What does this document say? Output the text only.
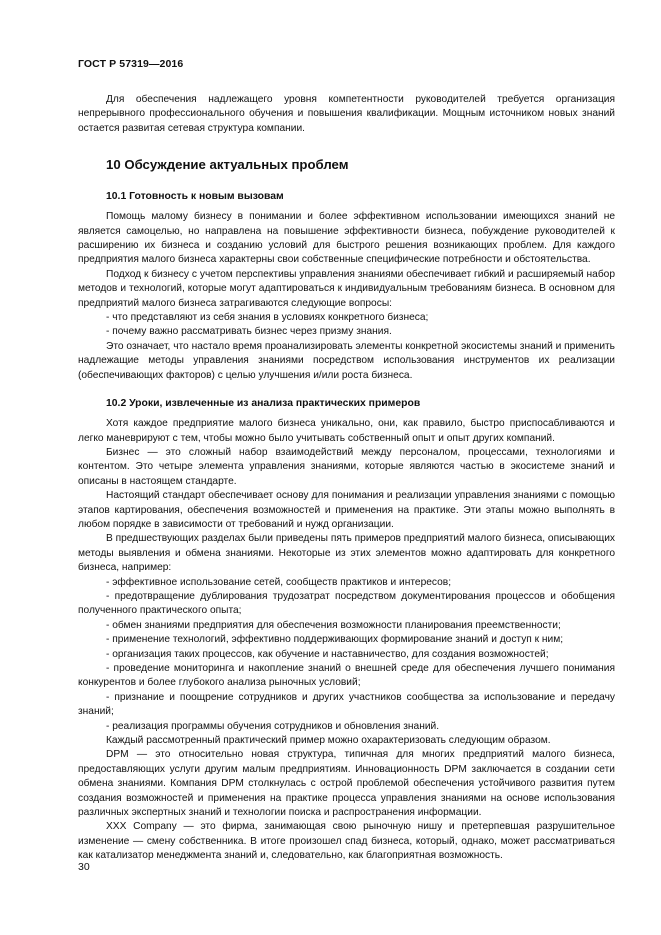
ГОСТ Р 57319—2016

Для обеспечения надлежащего уровня компетентности руководителей требуется организация непрерывного профессионального обучения и повышения квалификации. Мощным источником новых знаний остается развитая сетевая структура компании.

10 Обсуждение актуальных проблем
10.1 Готовность к новым вызовам

Помощь малому бизнесу в понимании и более эффективном использовании имеющихся знаний не является самоцелью, но направлена на повышение эффективности бизнеса, побуждение руководителей к расширению их бизнеса и созданию условий для быстрого решения возникающих проблем. Для каждого предприятия малого бизнеса характерны свои собственные специфические потребности и обстоятельства.

Подход к бизнесу с учетом перспективы управления знаниями обеспечивает гибкий и расширяемый набор методов и технологий, которые могут адаптироваться к индивидуальным требованиям бизнеса. В основном для предприятий малого бизнеса затрагиваются следующие вопросы:

- что представляют из себя знания в условиях конкретного бизнеса;

- почему важно рассматривать бизнес через призму знания.

Это означает, что настало время проанализировать элементы конкретной экосистемы знаний и применить надлежащие методы управления знаниями посредством использования инструментов их реализации (обеспечивающих факторов) с целью улучшения и/или роста бизнеса.

10.2 Уроки, извлеченные из анализа практических примеров

Хотя каждое предприятие малого бизнеса уникально, они, как правило, быстро приспосабливаются и легко маневрируют с тем, чтобы можно было учитывать собственный опыт и опыт других компаний.

Бизнес — это сложный набор взаимодействий между персоналом, процессами, технологиями и контентом. Это четыре элемента управления знаниями, которые являются частью в экосистеме знаний и описаны в настоящем стандарте.

Настоящий стандарт обеспечивает основу для понимания и реализации управления знаниями с помощью этапов картирования, обеспечения возможностей и применения на практике. Эти этапы можно выполнять в любом порядке в зависимости от требований и нужд организации.

В предшествующих разделах были приведены пять примеров предприятий малого бизнеса, описывающих методы выявления и обмена знаниями. Некоторые из этих элементов можно адаптировать для конкретного бизнеса, например:

- эффективное использование сетей, сообществ практиков и интересов;

- предотвращение дублирования трудозатрат посредством документирования процессов и обобщения полученного практического опыта;

- обмен знаниями предприятия для обеспечения возможности планирования преемственности;

- применение технологий, эффективно поддерживающих формирование знаний и доступ к ним;

- организация таких процессов, как обучение и наставничество, для создания возможностей;

- проведение мониторинга и накопление знаний о внешней среде для обеспечения лучшего понимания конкурентов и более глубокого анализа рыночных условий;

- признание и поощрение сотрудников и других участников сообщества за использование и передачу знаний;

- реализация программы обучения сотрудников и обновления знаний.

Каждый рассмотренный практический пример можно охарактеризовать следующим образом.

DPM — это относительно новая структура, типичная для многих предприятий малого бизнеса, предоставляющих услуги другим малым предприятиям. Инновационность DPM заключается в создании сети обмена знаниями. Компания DPM столкнулась с острой проблемой обеспечения устойчивого развития путем создания возможностей и применения на практике процесса управления знаниями на основе использования различных экспертных знаний и технологии поиска и распространения информации.

XXX Company — это фирма, занимающая свою рыночную нишу и претерпевшая разрушительное изменение — смену собственника. В итоге произошел спад бизнеса, который, однако, может рассматриваться как катализатор менеджмента знаний и, следовательно, как благоприятная возможность.

30
